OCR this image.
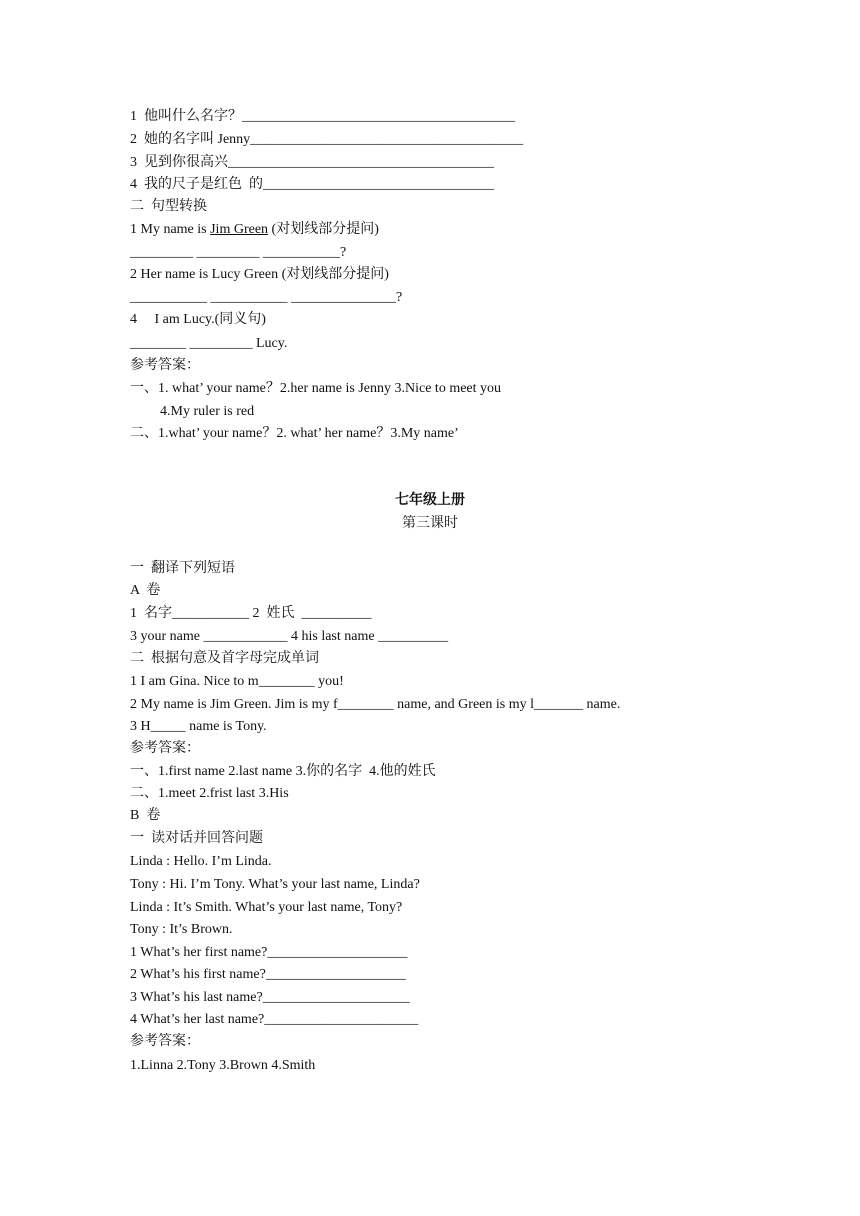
1  他叫什么名字？_______________________________________
2  她的名字叫 Jenny_______________________________________
3  见到你很高兴______________________________________
4  我的尺子是红色  的_________________________________
二  句型转换
1 My name is Jim Green (对划线部分提问)
_________ _________ ___________?
2 Her name is Lucy Green (对划线部分提问)
___________ ___________ _______________?
4     I am Lucy.(同义句)
________ _________ Lucy.
参考答案：
一、1. what’ your name？2.her name is Jenny 3.Nice to meet you
4.My ruler is red
二、1.what’ your name？2. what’ her name？3.My name’
七年级上册
第三课时
一  翻译下列短语
A  卷
1  名字___________ 2  姓氏  __________
3 your name ____________ 4 his last name __________
二  根据句意及首字母完成单词
1 I am Gina. Nice to m________ you!
2 My name is Jim Green. Jim is my f________ name, and Green is my l_______ name.
3 H_____ name is Tony.
参考答案：
一、1.first name 2.last name 3.你的名字  4.他的姓氏
二、1.meet 2.frist last 3.His
B  卷
一  读对话并回答问题
Linda : Hello. I’m Linda.
Tony : Hi. I’m Tony. What’s your last name, Linda?
Linda : It’s Smith. What’s your last name, Tony?
Tony : It’s Brown.
1 What’s her first name?____________________
2 What’s his first name?____________________
3 What’s his last name?_____________________
4 What’s her last name?______________________
参考答案：
1.Linna 2.Tony 3.Brown 4.Smith
